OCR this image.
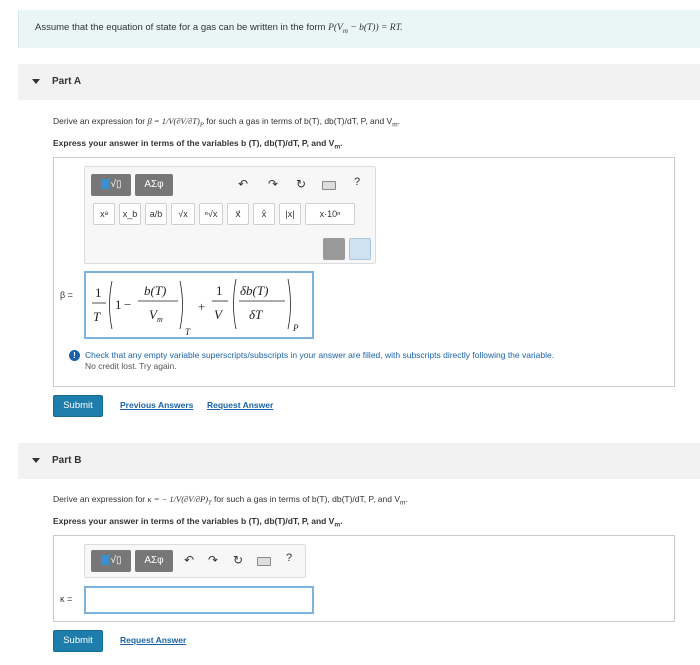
Assume that the equation of state for a gas can be written in the form $P(V_m - b(T))$ = RT.
Part A
Derive an expression for $\beta = 1/V(\partial V/\partial T)_P$ for such a gas in terms of b(T), db(T)/dT, P, and $V_m$.
Express your answer in terms of the variables b (T), db(T)/dT, P, and $V_m$.
√▯	ΑΣφ	↶ ↷ ↻	?
xᵃ	x_b	a/b	√x	ⁿ√x	x⃗	x̂	|x|	x·10ⁿ
β = 1
T
1 −
b(T)
$V_m$
T
+
1
V
δb(T)
δT
P
! Check that any empty variable superscripts/subscripts in your answer are filled, with subscripts directly following the variable.
No credit lost. Try again.
Submit	Previous Answers Request Answer
Part B
Derive an expression for κ = − $1/V(\partial V/\partial P)_T$ for such a gas in terms of b(T), db(T)/dT, P, and $V_m$.
Express your answer in terms of the variables b (T), db(T)/dT, P, and $V_m$.
√▯	ΑΣφ	↶ ↷ ↻	?
κ =
Submit	Request Answer
